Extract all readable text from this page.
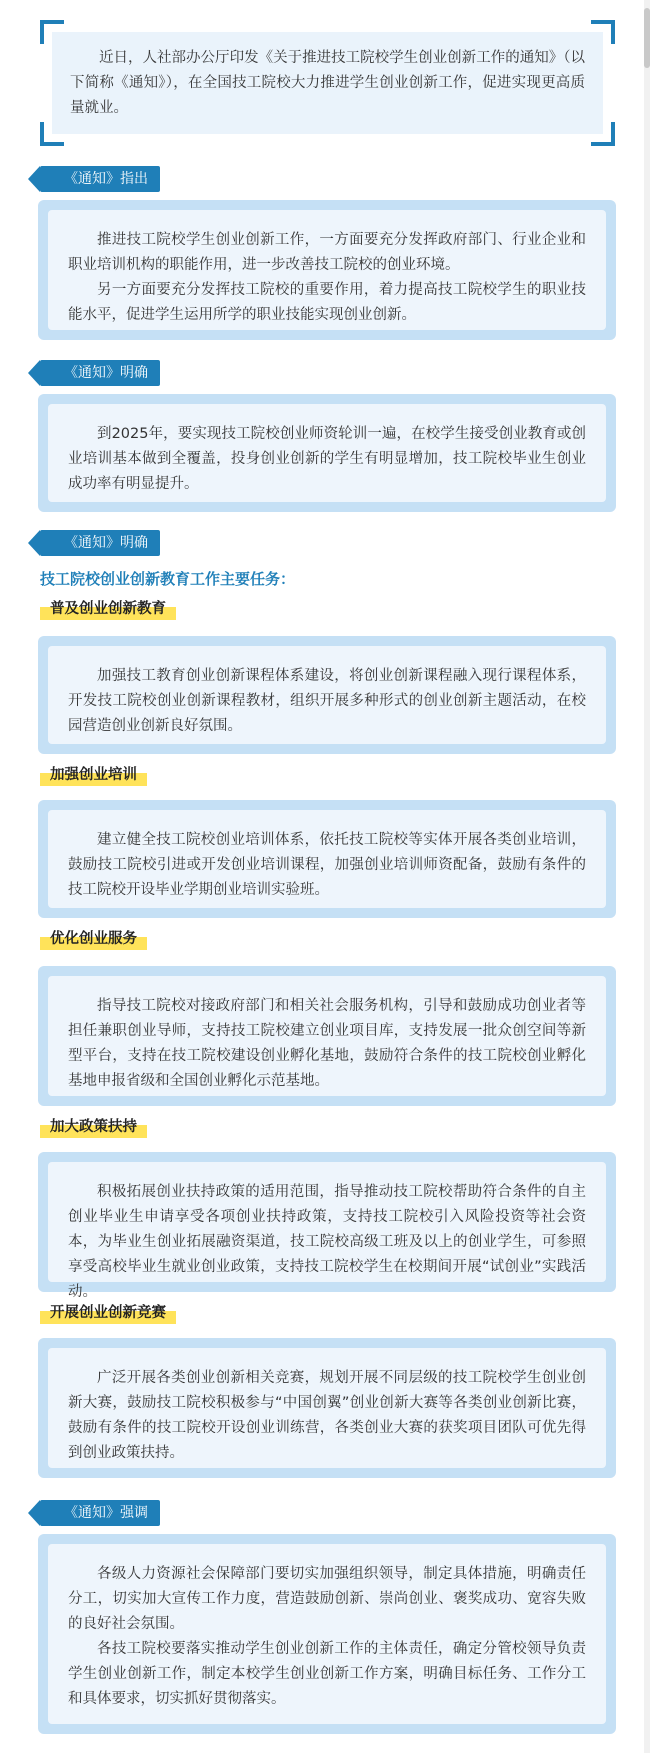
近日，人社部办公厅印发《关于推进技工院校学生创业创新工作的通知》（以下简称《通知》），在全国技工院校大力推进学生创业创新工作，促进实现更高质量就业。

《通知》指出

推进技工院校学生创业创新工作，一方面要充分发挥政府部门、行业企业和职业培训机构的职能作用，进一步改善技工院校的创业环境。

另一方面要充分发挥技工院校的重要作用，着力提高技工院校学生的职业技能水平，促进学生运用所学的职业技能实现创业创新。

《通知》明确

到2025年，要实现技工院校创业师资轮训一遍，在校学生接受创业教育或创业培训基本做到全覆盖，投身创业创新的学生有明显增加，技工院校毕业生创业成功率有明显提升。

《通知》明确
技工院校创业创新教育工作主要任务：
普及创业创新教育

加强技工教育创业创新课程体系建设，将创业创新课程融入现行课程体系，开发技工院校创业创新课程教材，组织开展多种形式的创业创新主题活动，在校园营造创业创新良好氛围。

加强创业培训

建立健全技工院校创业培训体系，依托技工院校等实体开展各类创业培训，鼓励技工院校引进或开发创业培训课程，加强创业培训师资配备，鼓励有条件的技工院校开设毕业学期创业培训实验班。

优化创业服务

指导技工院校对接政府部门和相关社会服务机构，引导和鼓励成功创业者等担任兼职创业导师，支持技工院校建立创业项目库，支持发展一批众创空间等新型平台，支持在技工院校建设创业孵化基地，鼓励符合条件的技工院校创业孵化基地申报省级和全国创业孵化示范基地。

加大政策扶持

积极拓展创业扶持政策的适用范围，指导推动技工院校帮助符合条件的自主创业毕业生申请享受各项创业扶持政策，支持技工院校引入风险投资等社会资本，为毕业生创业拓展融资渠道，技工院校高级工班及以上的创业学生，可参照享受高校毕业生就业创业政策，支持技工院校学生在校期间开展“试创业”实践活动。

开展创业创新竞赛

广泛开展各类创业创新相关竞赛，规划开展不同层级的技工院校学生创业创新大赛，鼓励技工院校积极参与“中国创翼”创业创新大赛等各类创业创新比赛，鼓励有条件的技工院校开设创业训练营，各类创业大赛的获奖项目团队可优先得到创业政策扶持。

《通知》强调

各级人力资源社会保障部门要切实加强组织领导，制定具体措施，明确责任分工，切实加大宣传工作力度，营造鼓励创新、崇尚创业、褒奖成功、宽容失败的良好社会氛围。

各技工院校要落实推动学生创业创新工作的主体责任，确定分管校领导负责学生创业创新工作，制定本校学生创业创新工作方案，明确目标任务、工作分工和具体要求，切实抓好贯彻落实。
